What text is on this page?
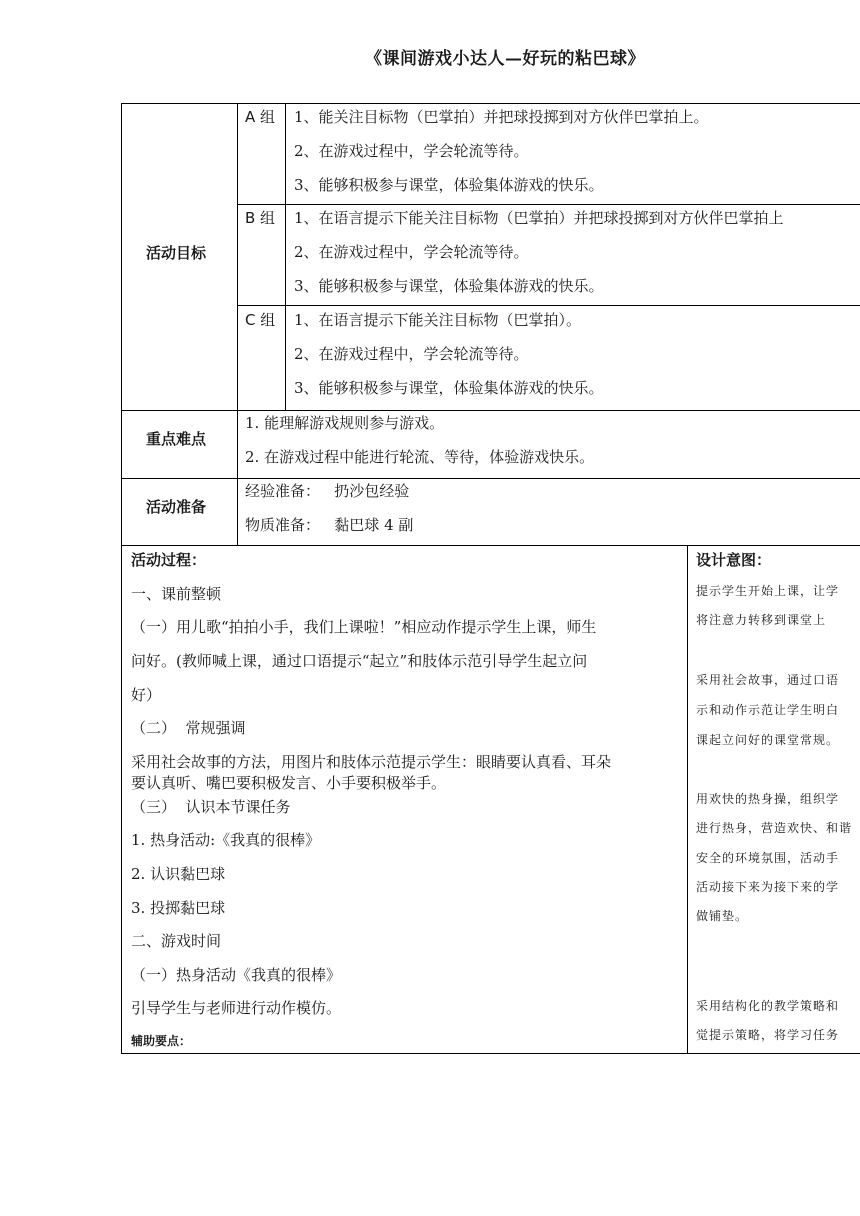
《课间游戏小达人—好玩的粘巴球》
活动目标
A 组 1、能关注目标物（巴掌拍）并把球投掷到对方伙伴巴掌拍上。
2、在游戏过程中，学会轮流等待。
3、能够积极参与课堂，体验集体游戏的快乐。
B 组 1、在语言提示下能关注目标物（巴掌拍）并把球投掷到对方伙伴巴掌拍上
2、在游戏过程中，学会轮流等待。
3、能够积极参与课堂，体验集体游戏的快乐。
C 组 1、在语言提示下能关注目标物（巴掌拍）。
2、在游戏过程中，学会轮流等待。
3、能够积极参与课堂，体验集体游戏的快乐。
重点难点
1. 能理解游戏规则参与游戏。
2. 在游戏过程中能进行轮流、等待，体验游戏快乐。
活动准备
经验准备：   扔沙包经验
物质准备：   黏巴球 4 副
活动过程：
一、课前整顿
（一）用儿歌“拍拍小手，我们上课啦！”相应动作提示学生上课，师生
问好。(教师喊上课，通过口语提示“起立”和肢体示范引导学生起立问
好）
（二）  常规强调
采用社会故事的方法，用图片和肢体示范提示学生：眼睛要认真看、耳朵
要认真听、嘴巴要积极发言、小手要积极举手。
（三）  认识本节课任务
1. 热身活动:《我真的很棒》
2. 认识黏巴球
3. 投掷黏巴球
二、游戏时间
（一）热身活动《我真的很棒》
引导学生与老师进行动作模仿。
辅助要点：
设计意图：
提示学生开始上课，让学
将注意力转移到课堂上
采用社会故事，通过口语
示和动作示范让学生明白
课起立问好的课堂常规。
用欢快的热身操，组织学
进行热身，营造欢快、和谐
安全的环境氛围，活动手
活动接下来为接下来的学
做铺垫。
采用结构化的教学策略和
觉提示策略，将学习任务
